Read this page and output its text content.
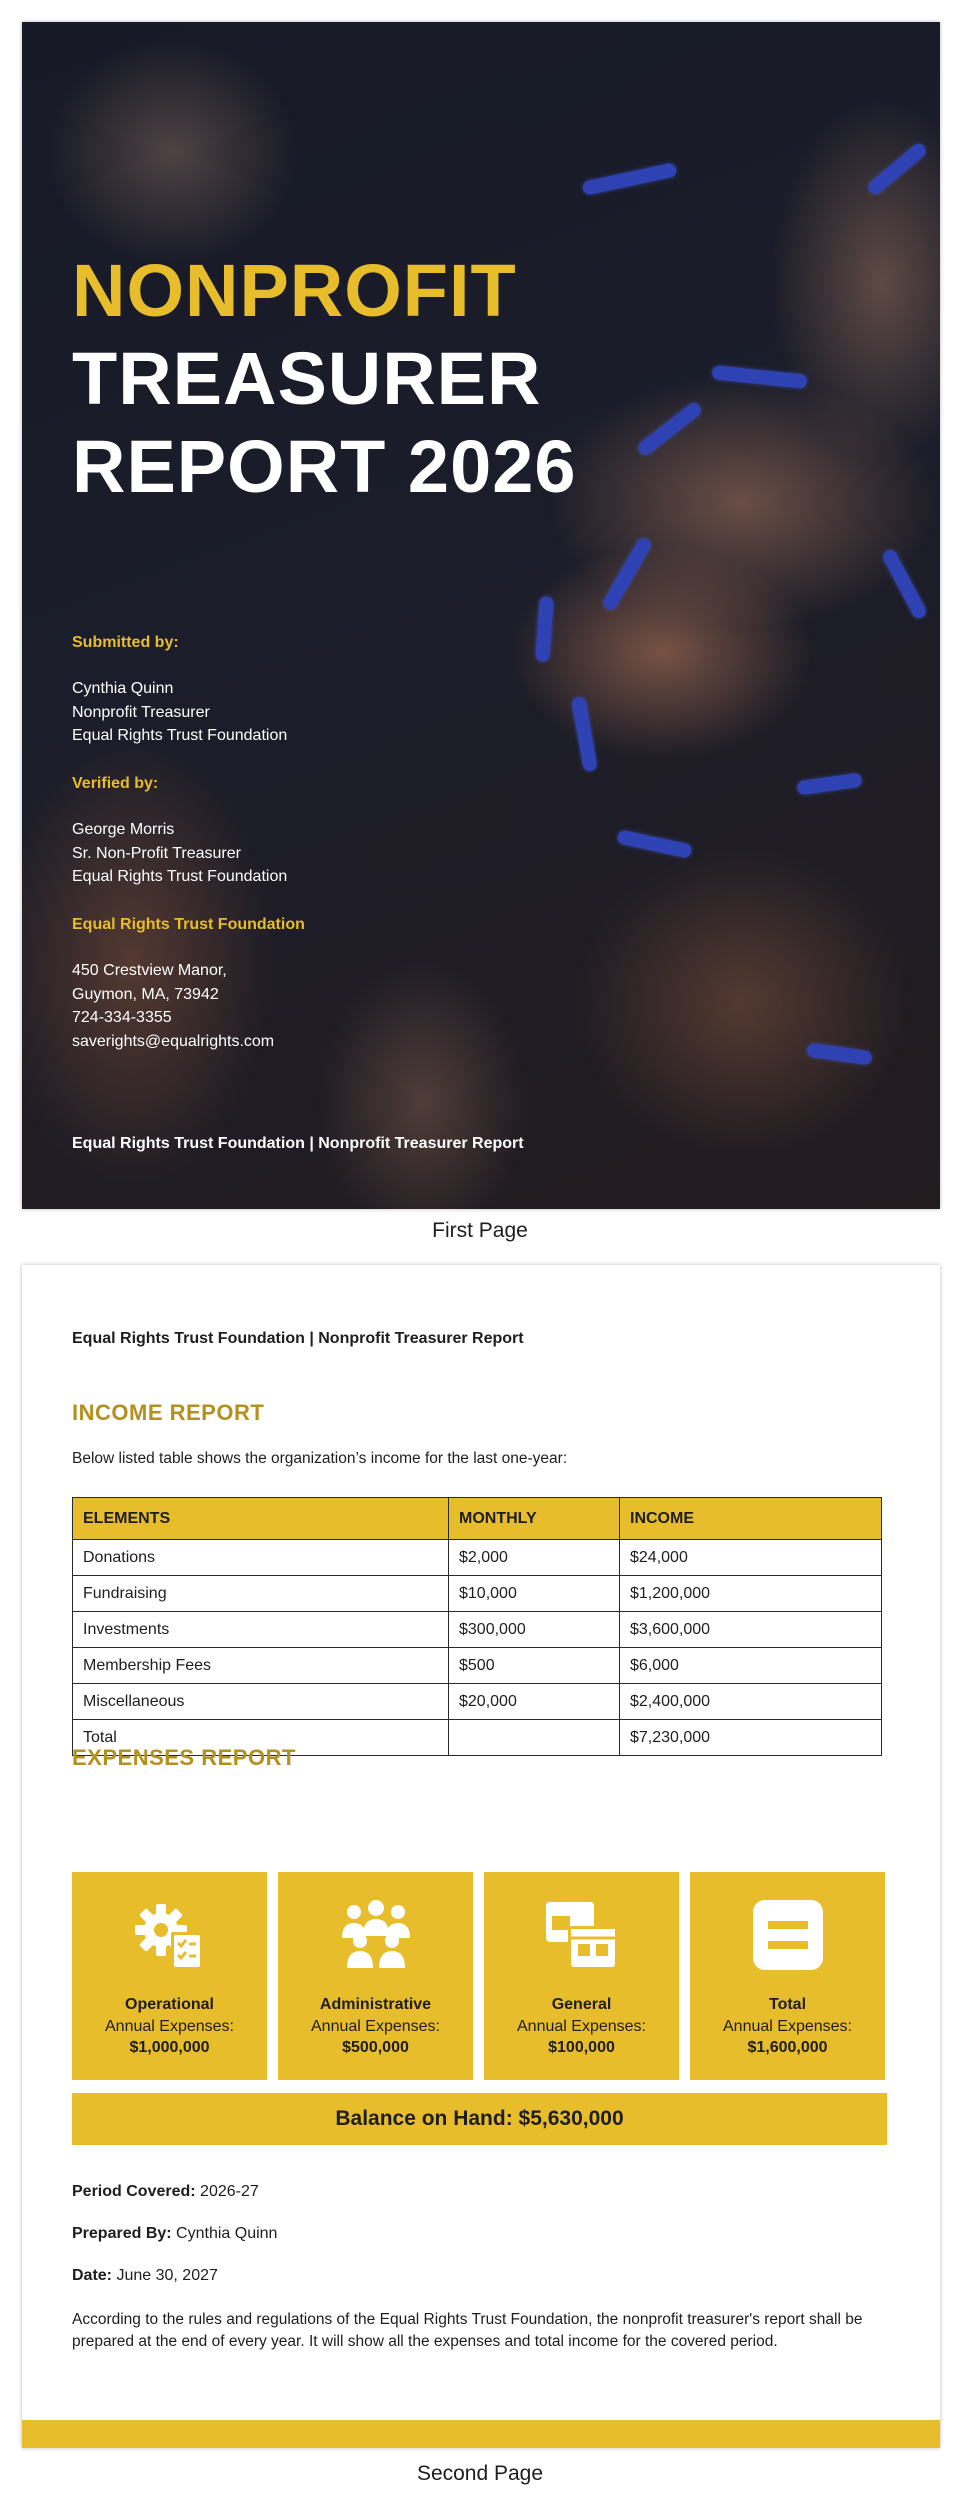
NONPROFIT
TREASURER
REPORT 2026
Submitted by:
Cynthia Quinn
Nonprofit Treasurer
Equal Rights Trust Foundation
Verified by:
George Morris
Sr. Non-Profit Treasurer
Equal Rights Trust Foundation
Equal Rights Trust Foundation
450 Crestview Manor,
Guymon, MA, 73942
724-334-3355
saverights@equalrights.com
Equal Rights Trust Foundation | Nonprofit Treasurer Report
First Page
Equal Rights Trust Foundation | Nonprofit Treasurer Report
INCOME REPORT
Below listed table shows the organization’s income for the last one-year:
ELEMENTS	MONTHLY	INCOME
Donations	$2,000	$24,000
Fundraising	$10,000	$1,200,000
Investments	$300,000	$3,600,000
Membership Fees	$500	$6,000
Miscellaneous	$20,000	$2,400,000
Total		$7,230,000
EXPENSES REPORT
Operational
Annual Expenses:
$1,000,000
Administrative
Annual Expenses:
$500,000
General
Annual Expenses:
$100,000
Total
Annual Expenses:
$1,600,000
Balance on Hand: $5,630,000
Period Covered: 2026-27
Prepared By: Cynthia Quinn
Date: June 30, 2027
According to the rules and regulations of the Equal Rights Trust Foundation, the nonprofit treasurer's report shall be prepared at the end of every year. It will show all the expenses and total income for the covered period.
Second Page
